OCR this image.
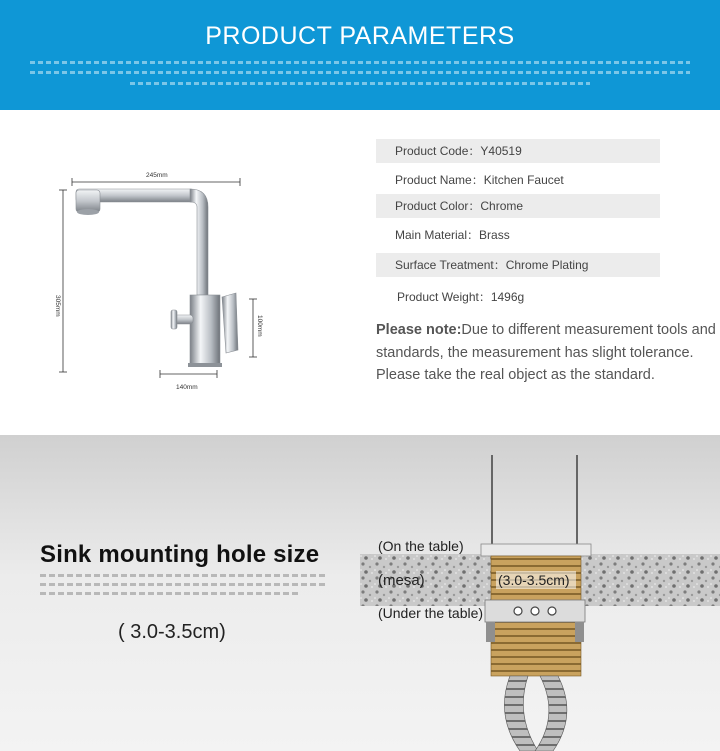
PRODUCT PARAMETERS
245mm
305mm
100mm
140mm
Product Code：Y40519
Product Name：Kitchen Faucet
Product Color：Chrome
Main Material：Brass
Surface Treatment：Chrome Plating
Product Weight：1496g
Please note:Due to different measurement tools and standards, the measurement has slight tolerance. Please take the real object as the standard.
Sink mounting hole size
( 3.0-3.5cm)
(On the table)
(mesa)	(3.0-3.5cm)
(Under the table)
